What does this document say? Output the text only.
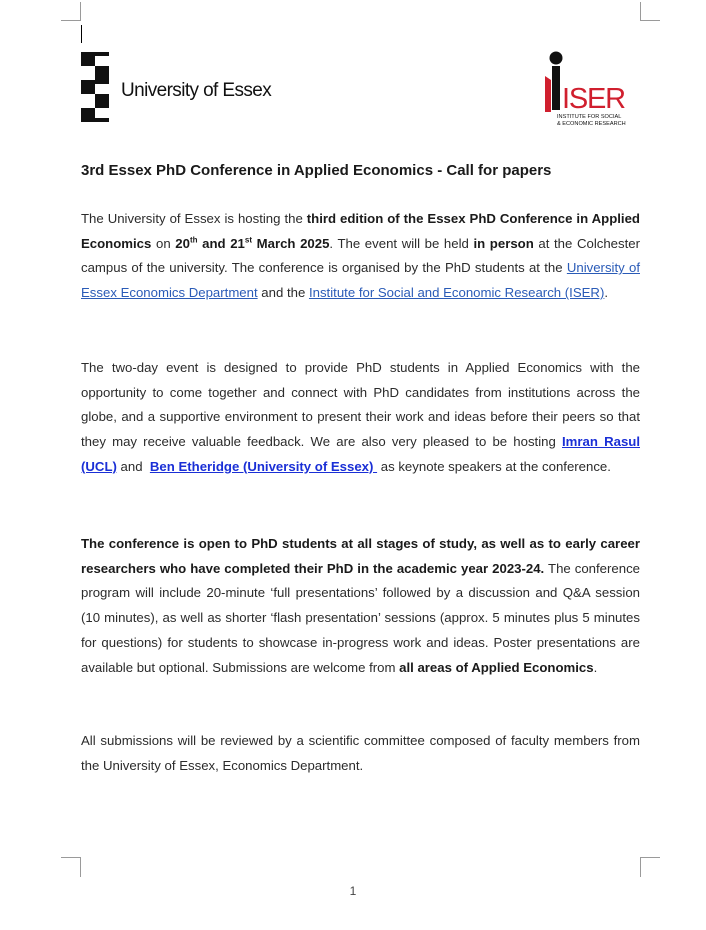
University of Essex	ISER
INSTITUTE FOR SOCIAL
& ECONOMIC RESEARCH
3rd Essex PhD Conference in Applied Economics - Call for papers
The University of Essex is hosting the third edition of the Essex PhD Conference in Applied Economics on 20th and 21st March 2025. The event will be held in person at the Colchester campus of the university. The conference is organised by the PhD students at the University of Essex Economics Department and the Institute for Social and Economic Research (ISER).
The two-day event is designed to provide PhD students in Applied Economics with the opportunity to come together and connect with PhD candidates from institutions across the globe, and a supportive environment to present their work and ideas before their peers so that they may receive valuable feedback. We are also very pleased to be hosting Imran Rasul (UCL) and  Ben Etheridge (University of Essex)  as keynote speakers at the conference.
The conference is open to PhD students at all stages of study, as well as to early career researchers who have completed their PhD in the academic year 2023-24. The conference program will include 20-minute ‘full presentations’ followed by a discussion and Q&A session (10 minutes), as well as shorter ‘flash presentation’ sessions (approx. 5 minutes plus 5 minutes for questions) for students to showcase in-progress work and ideas. Poster presentations are available but optional. Submissions are welcome from all areas of Applied Economics.
All submissions will be reviewed by a scientific committee composed of faculty members from the University of Essex, Economics Department.
1
